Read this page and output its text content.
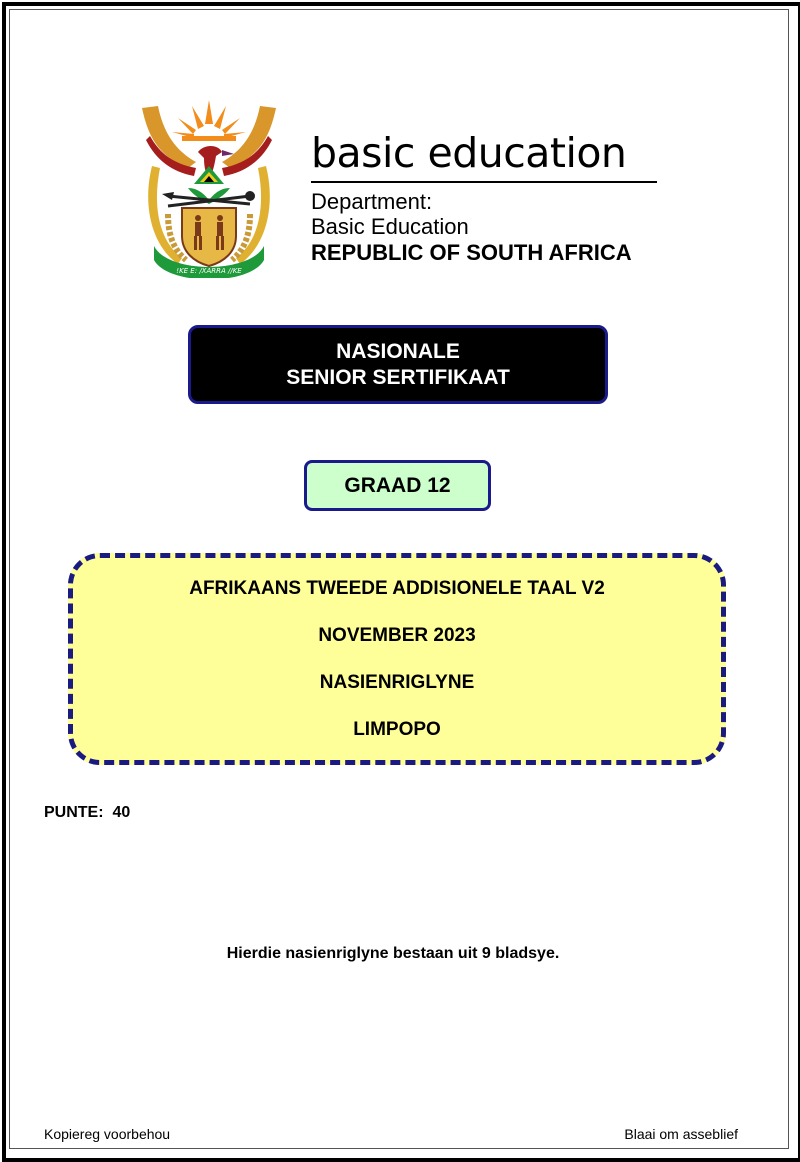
!KE E: /XARRA //KE
basic education
Department:
Basic Education
REPUBLIC OF SOUTH AFRICA
NASIONALE
SENIOR SERTIFIKAAT
GRAAD 12
AFRIKAANS TWEEDE ADDISIONELE TAAL V2
NOVEMBER 2023
NASIENRIGLYNE
LIMPOPO
PUNTE:  40
Hierdie nasienriglyne bestaan uit 9 bladsye.
Kopiereg voorbehou	Blaai om asseblief
